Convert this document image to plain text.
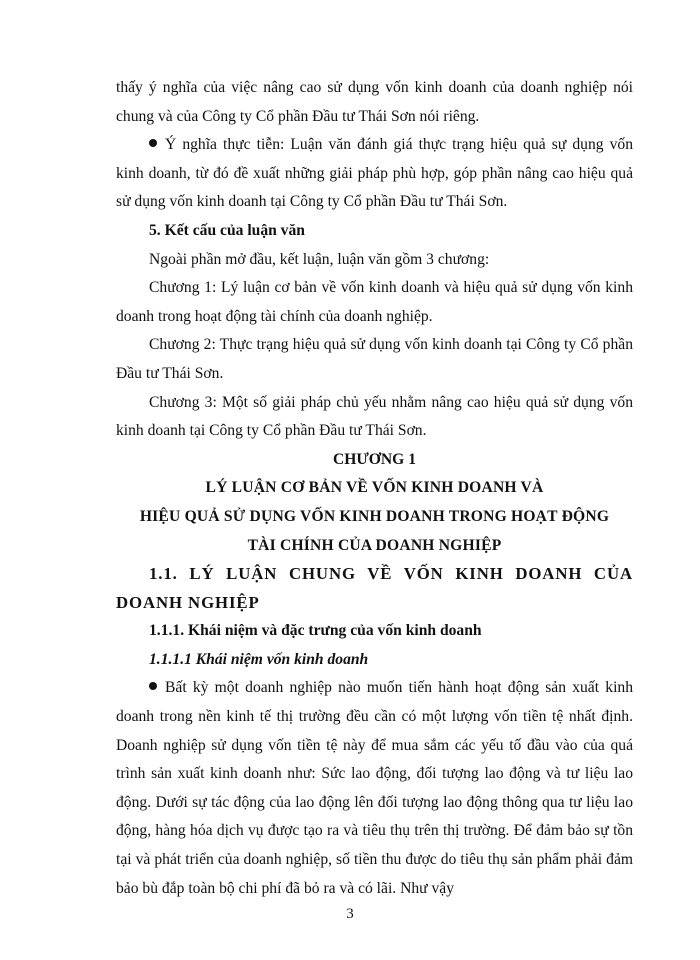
thấy ý nghĩa của việc nâng cao sử dụng vốn kinh doanh của doanh nghiệp nói chung và của Công ty Cổ phần Đầu tư Thái Sơn nói riêng.

Ý nghĩa thực tiễn: Luận văn đánh giá thực trạng hiệu quả sự dụng vốn kinh doanh, từ đó đề xuất những giải pháp phù hợp, góp phần nâng cao hiệu quả sử dụng vốn kinh doanh tại Công ty Cổ phần Đầu tư Thái Sơn.

5. Kết cấu của luận văn

Ngoài phần mở đầu, kết luận, luận văn gồm 3 chương:

Chương 1: Lý luận cơ bản về vốn kinh doanh và hiệu quả sử dụng vốn kinh doanh trong hoạt động tài chính của doanh nghiệp.

Chương 2: Thực trạng hiệu quả sử dụng vốn kinh doanh tại Công ty Cổ phần Đầu tư Thái Sơn.

Chương 3: Một số giải pháp chủ yếu nhằm nâng cao hiệu quả sử dụng vốn kinh doanh tại Công ty Cổ phần Đầu tư Thái Sơn.

CHƯƠNG 1

LÝ LUẬN CƠ BẢN VỀ VỐN KINH DOANH VÀ

HIỆU QUẢ SỬ DỤNG VỐN KINH DOANH TRONG HOẠT ĐỘNG

TÀI CHÍNH CỦA DOANH NGHIỆP

1.1. LÝ LUẬN CHUNG VỀ VỐN KINH DOANH CỦA DOANH NGHIỆP

1.1.1. Khái niệm và đặc trưng của vốn kinh doanh

1.1.1.1 Khái niệm vốn kinh doanh

Bất kỳ một doanh nghiệp nào muốn tiến hành hoạt động sản xuất kinh doanh trong nền kinh tế thị trường đều cần có một lượng vốn tiền tệ nhất định. Doanh nghiệp sử dụng vốn tiền tệ này để mua sắm các yếu tố đầu vào của quá trình sản xuất kinh doanh như: Sức lao động, đối tượng lao động và tư liệu lao động. Dưới sự tác động của lao động lên đối tượng lao động thông qua tư liệu lao động, hàng hóa dịch vụ được tạo ra và tiêu thụ trên thị trường. Để đảm bảo sự tồn tại và phát triển của doanh nghiệp, số tiền thu được do tiêu thụ sản phẩm phải đảm bảo bù đắp toàn bộ chi phí đã bỏ ra và có lãi. Như vậy

3
